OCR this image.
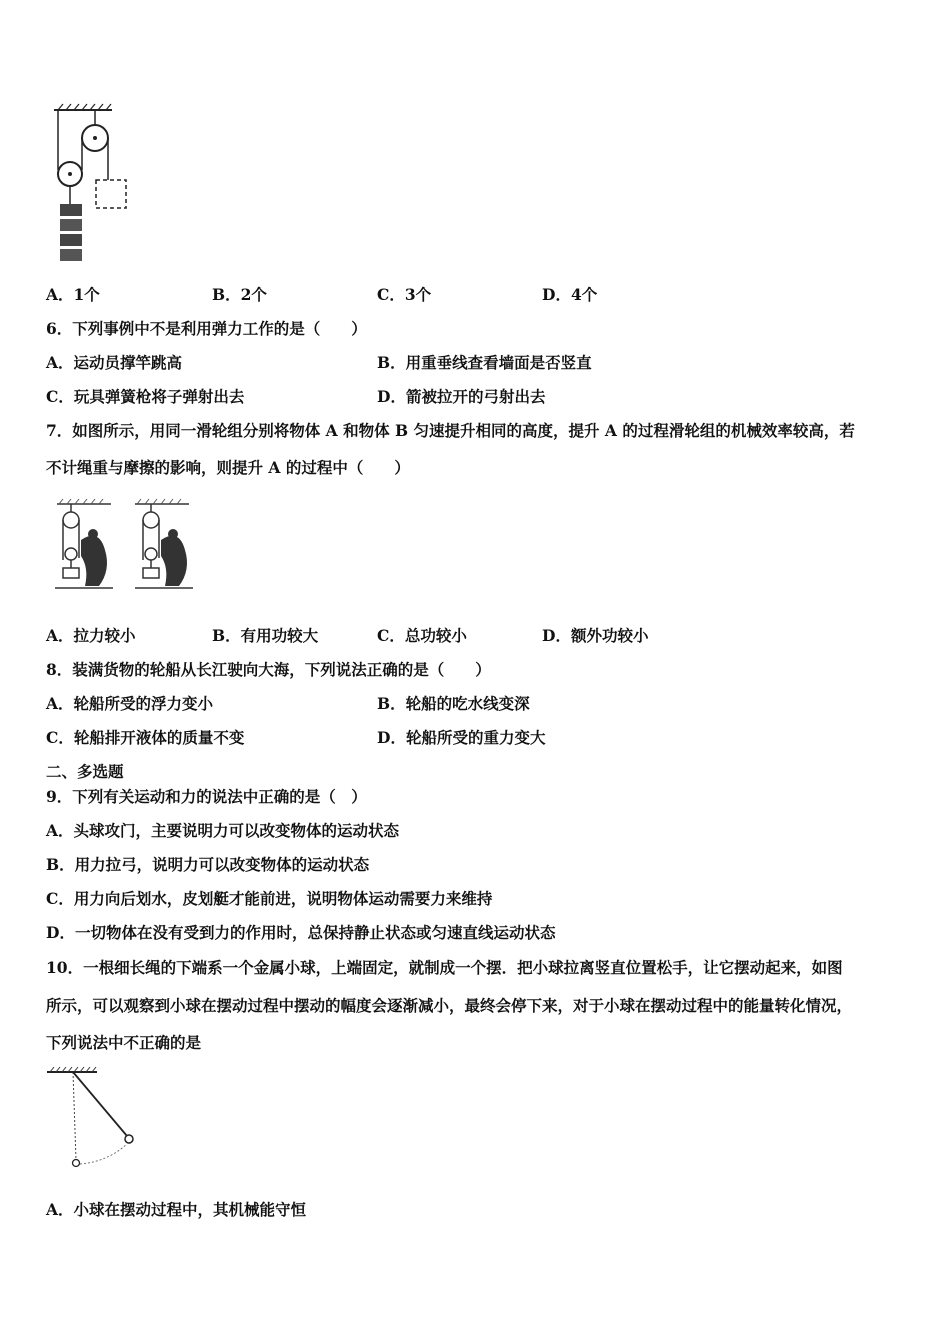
A．1个	B．2个	C．3个	D．4个
6．下列事例中不是利用弹力工作的是（　　）
A．运动员撑竿跳高	B．用重垂线查看墙面是否竖直
C．玩具弹簧枪将子弹射出去	D．箭被拉开的弓射出去
7．如图所示，用同一滑轮组分别将物体 A 和物体 B 匀速提升相同的高度，提升 A 的过程滑轮组的机械效率较高，若
不计绳重与摩擦的影响，则提升 A 的过程中（　　）
A．拉力较小	B．有用功较大	C．总功较小	D．额外功较小
8．装满货物的轮船从长江驶向大海，下列说法正确的是（　　）
A．轮船所受的浮力变小	B．轮船的吃水线变深
C．轮船排开液体的质量不变	D．轮船所受的重力变大
二、多选题
9．下列有关运动和力的说法中正确的是（　）
A．头球攻门，主要说明力可以改变物体的运动状态
B．用力拉弓，说明力可以改变物体的运动状态
C．用力向后划水，皮划艇才能前进，说明物体运动需要力来维持
D．一切物体在没有受到力的作用时，总保持静止状态或匀速直线运动状态
10．一根细长绳的下端系一个金属小球，上端固定，就制成一个摆．把小球拉离竖直位置松手，让它摆动起来，如图
所示，可以观察到小球在摆动过程中摆动的幅度会逐渐减小，最终会停下来，对于小球在摆动过程中的能量转化情况，
下列说法中不正确的是
A．小球在摆动过程中，其机械能守恒
